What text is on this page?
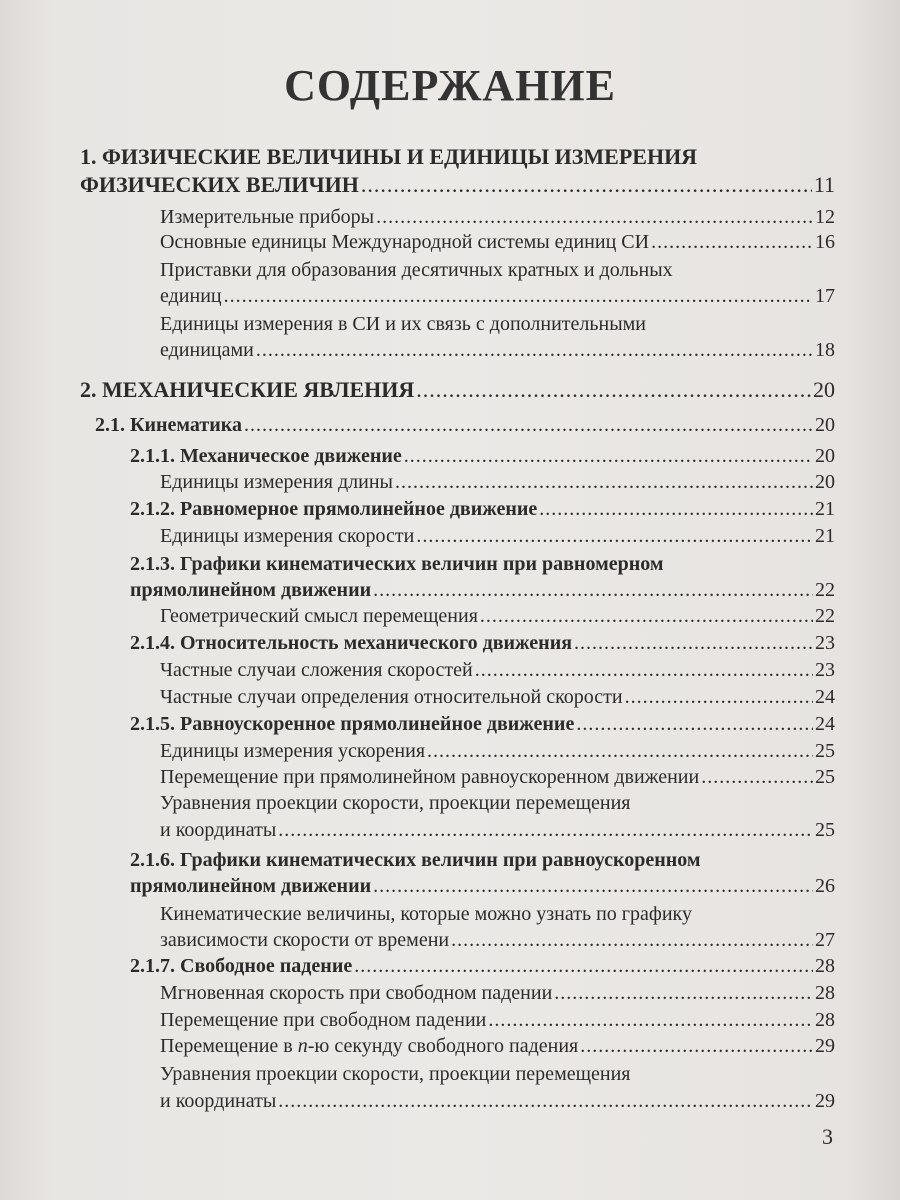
СОДЕРЖАНИЕ
1. ФИЗИЧЕСКИЕ ВЕЛИЧИНЫ И ЕДИНИЦЫ ИЗМЕРЕНИЯ
ФИЗИЧЕСКИХ ВЕЛИЧИН .....	11
Измерительные приборы .....	12
Основные единицы Международной системы единиц СИ .....	16
Приставки для образования десятичных кратных и дольных
единиц .....	17
Единицы измерения в СИ и их связь с дополнительными
единицами .....	18
2. МЕХАНИЧЕСКИЕ ЯВЛЕНИЯ .....	20
2.1. Кинематика .....	20
2.1.1. Механическое движение .....	20
Единицы измерения длины .....	20
2.1.2. Равномерное прямолинейное движение .....	21
Единицы измерения скорости .....	21
2.1.3. Графики кинематических величин при равномерном
прямолинейном движении .....	22
Геометрический смысл перемещения .....	22
2.1.4. Относительность механического движения .....	23
Частные случаи сложения скоростей .....	23
Частные случаи определения относительной скорости .....	24
2.1.5. Равноускоренное прямолинейное движение .....	24
Единицы измерения ускорения .....	25
Перемещение при прямолинейном равноускоренном движении .....	25
Уравнения проекции скорости, проекции перемещения
и координаты .....	25
2.1.6. Графики кинематических величин при равноускоренном
прямолинейном движении .....	26
Кинематические величины, которые можно узнать по графику
зависимости скорости от времени .....	27
2.1.7. Свободное падение .....	28
Мгновенная скорость при свободном падении .....	28
Перемещение при свободном падении .....	28
Перемещение в n-ю секунду свободного падения .....	29
Уравнения проекции скорости, проекции перемещения
и координаты .....	29
3
